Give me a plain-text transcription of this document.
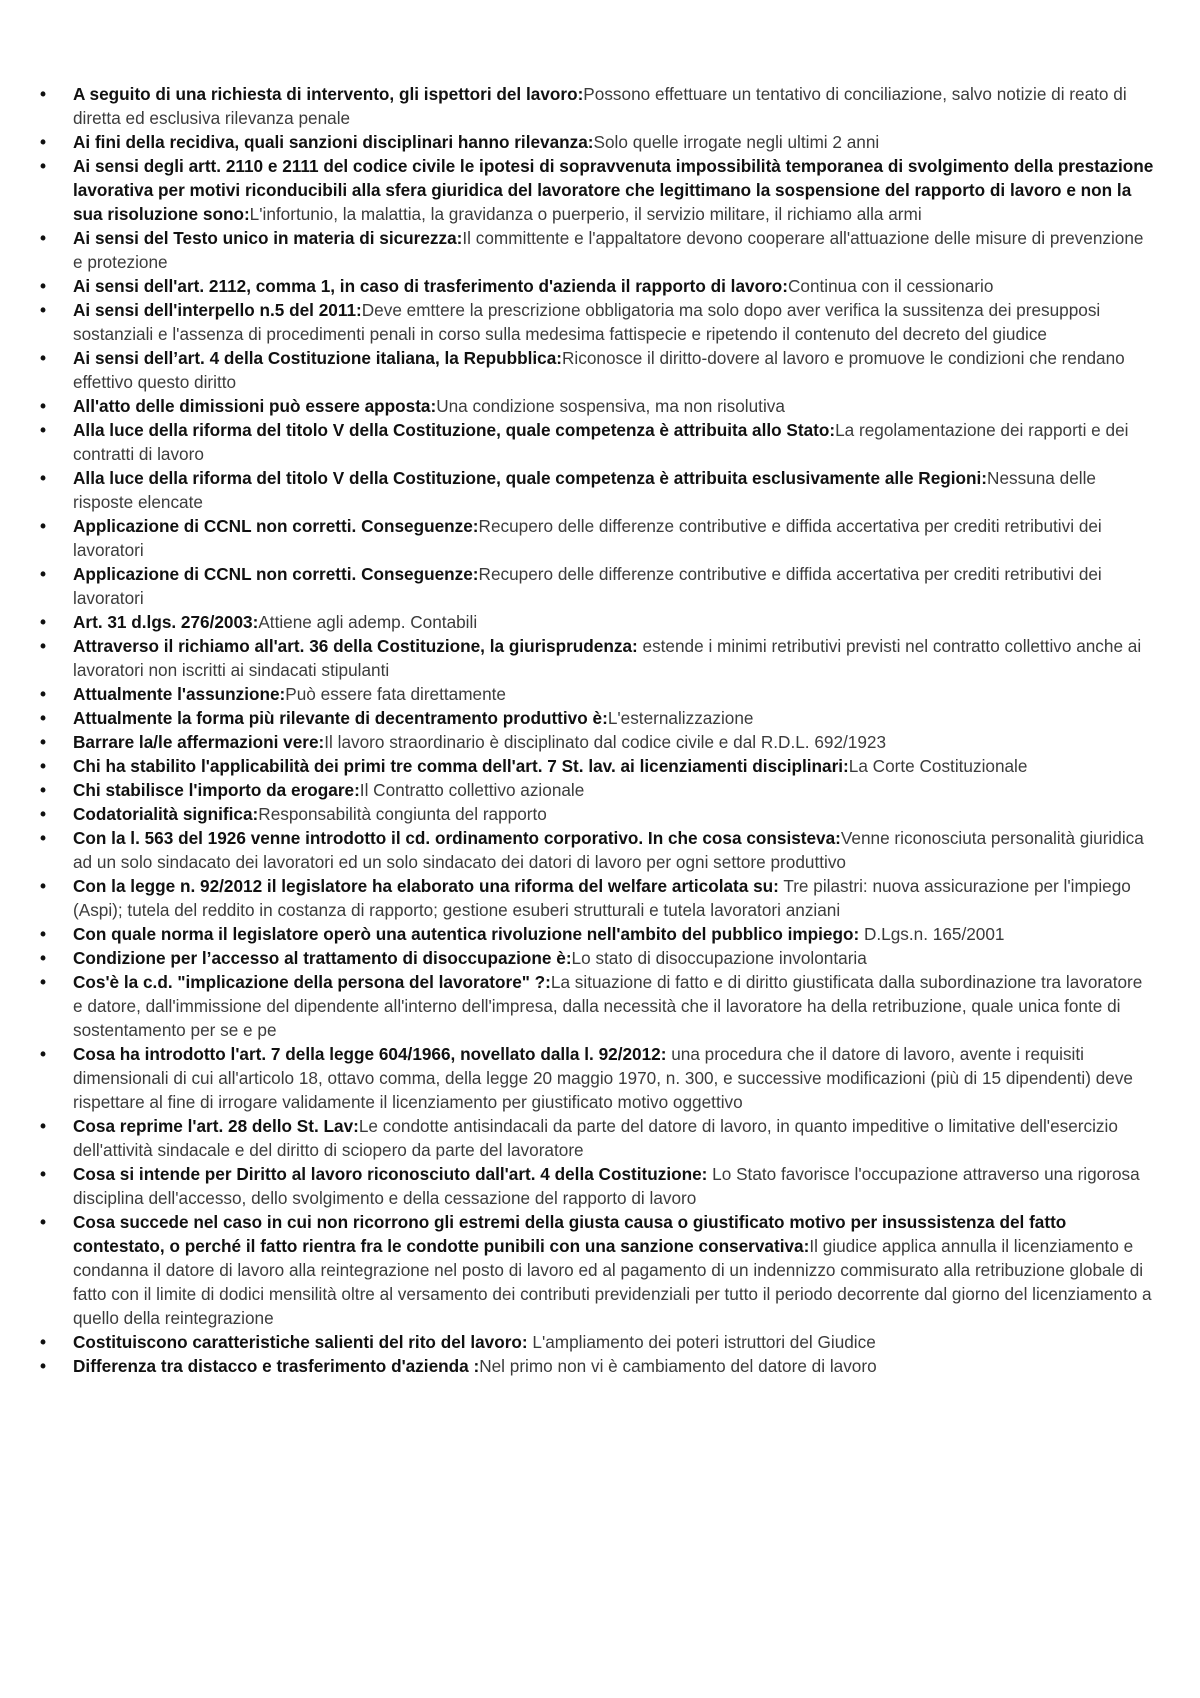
• A seguito di una richiesta di intervento, gli ispettori del lavoro:Possono effettuare un tentativo di conciliazione, salvo notizie di reato di diretta ed esclusiva rilevanza penale
• Ai fini della recidiva, quali sanzioni disciplinari hanno rilevanza:Solo quelle irrogate negli ultimi 2 anni
• Ai sensi degli artt. 2110 e 2111 del codice civile le ipotesi di sopravvenuta impossibilità temporanea di svolgimento della prestazione lavorativa per motivi riconducibili alla sfera giuridica del lavoratore che legittimano la sospensione del rapporto di lavoro e non la sua risoluzione sono:L'infortunio, la malattia, la gravidanza o puerperio, il servizio militare, il richiamo alla armi
• Ai sensi del Testo unico in materia di sicurezza:Il committente e l'appaltatore devono cooperare all'attuazione delle misure di prevenzione e protezione
• Ai sensi dell'art. 2112, comma 1, in caso di trasferimento d'azienda il rapporto di lavoro:Continua con il cessionario
• Ai sensi dell'interpello n.5 del 2011:Deve emttere la prescrizione obbligatoria ma solo dopo aver verifica la sussitenza dei presupposi sostanziali e l'assenza di procedimenti penali in corso sulla medesima fattispecie e ripetendo il contenuto del decreto del giudice
• Ai sensi dell’art. 4 della Costituzione italiana, la Repubblica:Riconosce il diritto-dovere al lavoro e promuove le condizioni che rendano effettivo questo diritto
• All'atto delle dimissioni può essere apposta:Una condizione sospensiva, ma non risolutiva
• Alla luce della riforma del titolo V della Costituzione, quale competenza è attribuita allo Stato:La regolamentazione dei rapporti e dei contratti di lavoro
• Alla luce della riforma del titolo V della Costituzione, quale competenza è attribuita esclusivamente alle Regioni:Nessuna delle risposte elencate
• Applicazione di CCNL non corretti. Conseguenze:Recupero delle differenze contributive e diffida accertativa per crediti retributivi dei lavoratori
• Applicazione di CCNL non corretti. Conseguenze:Recupero delle differenze contributive e diffida accertativa per crediti retributivi dei lavoratori
• Art. 31 d.lgs. 276/2003:Attiene agli ademp. Contabili
• Attraverso il richiamo all'art. 36 della Costituzione, la giurisprudenza: estende i minimi retributivi previsti nel contratto collettivo anche ai lavoratori non iscritti ai sindacati stipulanti
• Attualmente l'assunzione:Può essere fata direttamente
• Attualmente la forma più rilevante di decentramento produttivo è:L'esternalizzazione
• Barrare la/le affermazioni vere:Il lavoro straordinario è disciplinato dal codice civile e dal R.D.L. 692/1923
• Chi ha stabilito l'applicabilità dei primi tre comma dell'art. 7 St. lav. ai licenziamenti disciplinari:La Corte Costituzionale
• Chi stabilisce l'importo da erogare:Il Contratto collettivo azionale
• Codatorialità significa:Responsabilità congiunta del rapporto
• Con la l. 563 del 1926 venne introdotto il cd. ordinamento corporativo. In che cosa consisteva:Venne riconosciuta personalità giuridica ad un solo sindacato dei lavoratori ed un solo sindacato dei datori di lavoro per ogni settore produttivo
• Con la legge n. 92/2012 il legislatore ha elaborato una riforma del welfare articolata su: Tre pilastri: nuova assicurazione per l'impiego (Aspi); tutela del reddito in costanza di rapporto; gestione esuberi strutturali e tutela lavoratori anziani
• Con quale norma il legislatore operò una autentica rivoluzione nell'ambito del pubblico impiego: D.Lgs.n. 165/2001
• Condizione per l’accesso al trattamento di disoccupazione è:Lo stato di disoccupazione involontaria
• Cos'è la c.d. "implicazione della persona del lavoratore" ?:La situazione di fatto e di diritto giustificata dalla subordinazione tra lavoratore e datore, dall'immissione del dipendente all'interno dell'impresa, dalla necessità che il lavoratore ha della retribuzione, quale unica fonte di sostentamento per se e pe
• Cosa ha introdotto l'art. 7 della legge 604/1966, novellato dalla l. 92/2012: una procedura che il datore di lavoro, avente i requisiti dimensionali di cui all'articolo 18, ottavo comma, della legge 20 maggio 1970, n. 300, e successive modificazioni (più di 15 dipendenti) deve rispettare al fine di irrogare validamente il licenziamento per giustificato motivo oggettivo
• Cosa reprime l'art. 28 dello St. Lav:Le condotte antisindacali da parte del datore di lavoro, in quanto impeditive o limitative dell'esercizio dell'attività sindacale e del diritto di sciopero da parte del lavoratore
• Cosa si intende per Diritto al lavoro riconosciuto dall'art. 4 della Costituzione: Lo Stato favorisce l'occupazione attraverso una rigorosa disciplina dell'accesso, dello svolgimento e della cessazione del rapporto di lavoro
• Cosa succede nel caso in cui non ricorrono gli estremi della giusta causa o giustificato motivo per insussistenza del fatto contestato, o perché il fatto rientra fra le condotte punibili con una sanzione conservativa:Il giudice applica annulla il licenziamento e condanna il datore di lavoro alla reintegrazione nel posto di lavoro ed al pagamento di un indennizzo commisurato alla retribuzione globale di fatto con il limite di dodici mensilità oltre al versamento dei contributi previdenziali per tutto il periodo decorrente dal giorno del licenziamento a quello della reintegrazione
• Costituiscono caratteristiche salienti del rito del lavoro: L'ampliamento dei poteri istruttori del Giudice
• Differenza tra distacco e trasferimento d'azienda :Nel primo non vi è cambiamento del datore di lavoro
